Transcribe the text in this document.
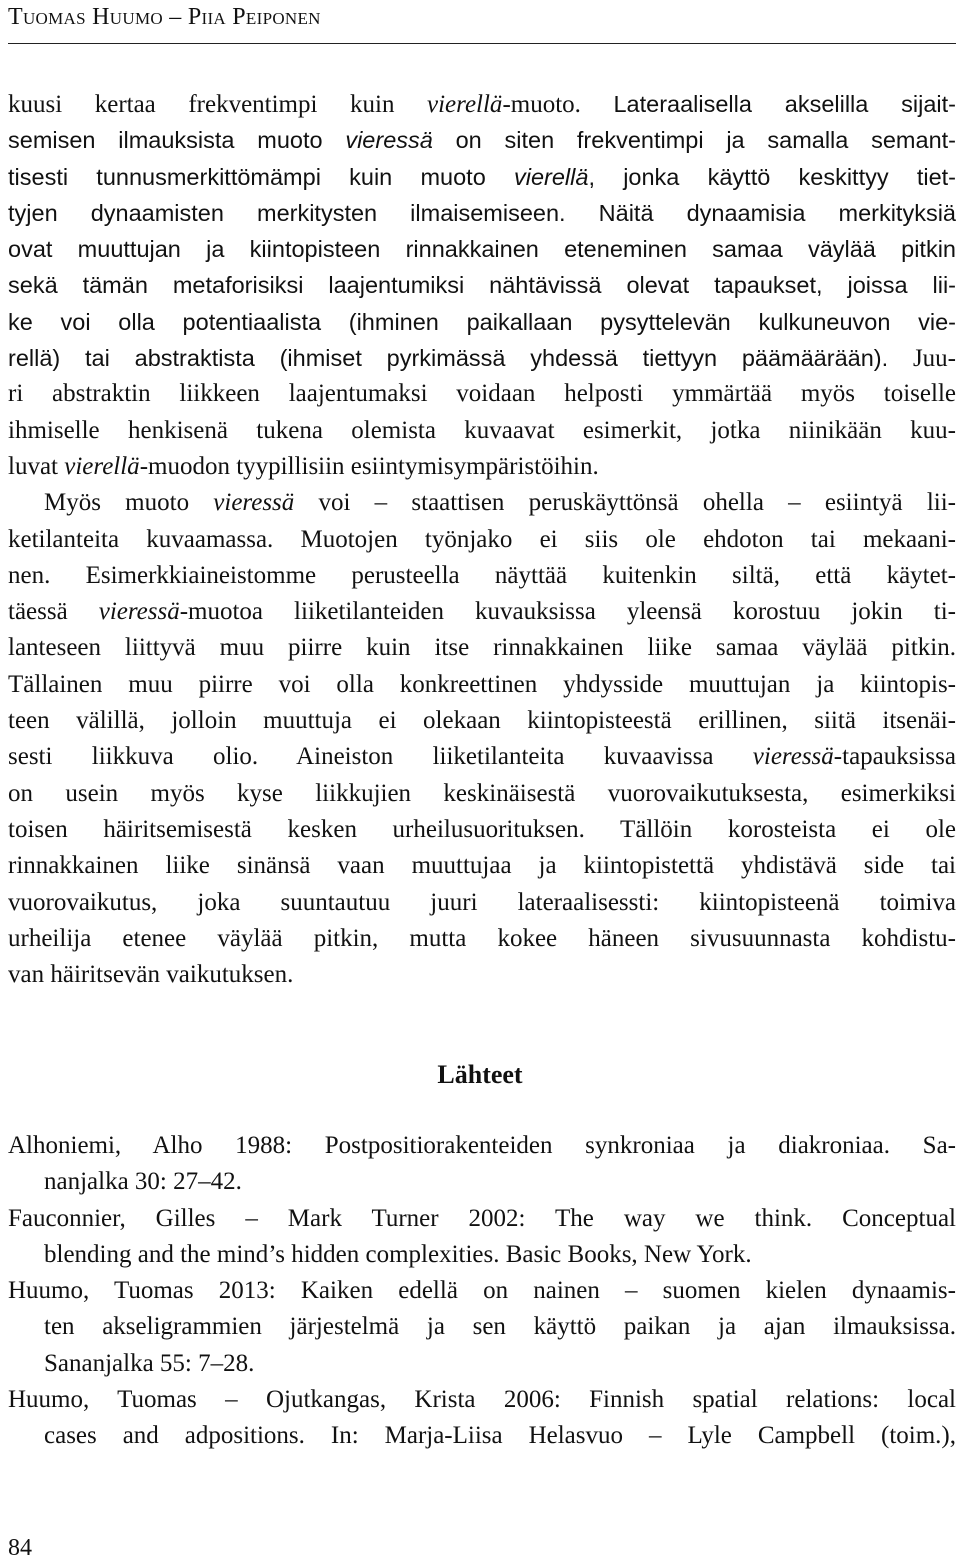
Tuomas Huumo – Piia Peiponen
kuusi kertaa frekventimpi kuin vierellä-muoto. Lateraalisella akselilla sijait-
semisen ilmauksista muoto vieressä on siten frekventimpi ja samalla semant-
tisesti tunnusmerkittömämpi kuin muoto vierellä, jonka käyttö keskittyy tiet-
tyjen dynaamisten merkitysten ilmaisemiseen. Näitä dynaamisia merkityksiä
ovat muuttujan ja kiintopisteen rinnakkainen eteneminen samaa väylää pitkin
sekä tämän metaforisiksi laajentumiksi nähtävissä olevat tapaukset, joissa lii-
ke voi olla potentiaalista (ihminen paikallaan pysyttelevän kulkuneuvon vie-
rellä) tai abstraktista (ihmiset pyrkimässä yhdessä tiettyyn päämäärään). Juu-
ri abstraktin liikkeen laajentumaksi voidaan helposti ymmärtää myös toiselle
ihmiselle henkisenä tukena olemista kuvaavat esimerkit, jotka niinikään kuu-
luvat vierellä-muodon tyypillisiin esiintymisympäristöihin.
Myös muoto vieressä voi – staattisen peruskäyttönsä ohella – esiintyä lii-
ketilanteita kuvaamassa. Muotojen työnjako ei siis ole ehdoton tai mekaani-
nen. Esimerkkiaineistomme perusteella näyttää kuitenkin siltä, että käytet-
täessä vieressä-muotoa liiketilanteiden kuvauksissa yleensä korostuu jokin ti-
lanteseen liittyvä muu piirre kuin itse rinnakkainen liike samaa väylää pitkin.
Tällainen muu piirre voi olla konkreettinen yhdysside muuttujan ja kiintopis-
teen välillä, jolloin muuttuja ei olekaan kiintopisteestä erillinen, siitä itsenäi-
sesti liikkuva olio. Aineiston liiketilanteita kuvaavissa vieressä-tapauksissa
on usein myös kyse liikkujien keskinäisestä vuorovaikutuksesta, esimerkiksi
toisen häiritsemisestä kesken urheilusuorituksen. Tällöin korosteista ei ole
rinnakkainen liike sinänsä vaan muuttujaa ja kiintopistettä yhdistävä side tai
vuorovaikutus, joka suuntautuu juuri lateraalisessti: kiintopisteenä toimiva
urheilija etenee väylää pitkin, mutta kokee häneen sivusuunnasta kohdistu-
van häiritsevän vaikutuksen.
Lähteet
Alhoniemi, Alho 1988: Postpositiorakenteiden synkroniaa ja diakroniaa. Sa-
nanjalka 30: 27–42.
Fauconnier, Gilles – Mark Turner 2002: The way we think. Conceptual
blending and the mind’s hidden complexities. Basic Books, New York.
Huumo, Tuomas 2013: Kaiken edellä on nainen – suomen kielen dynaamis-
ten akseligrammien järjestelmä ja sen käyttö paikan ja ajan ilmauksissa.
Sananjalka 55: 7–28.
Huumo, Tuomas – Ojutkangas, Krista 2006: Finnish spatial relations: local
cases and adpositions. In: Marja-Liisa Helasvuo – Lyle Campbell (toim.),
84
